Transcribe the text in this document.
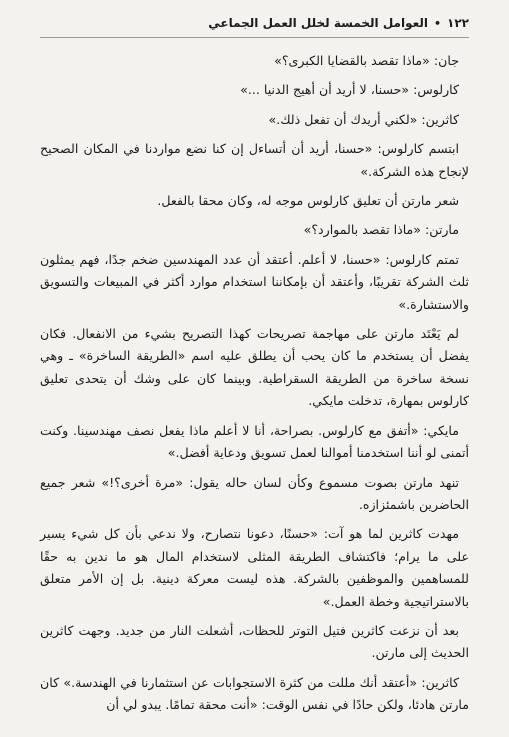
١٢٢
•
العوامل الخمسة لخلل العمل الجماعي

جان: «ماذا تقصد بالقضايا الكبرى؟»

كارلوس: «حسنا، لا أريد أن أهيج الدنيا ...»

كاثرين: «لكني أريدك أن تفعل ذلك.»

ابتسم كارلوس: «حسنا، أريد أن أتساءل إن كنا نضع مواردنا في المكان الصحيح لإنجاح هذه الشركة.»

شعر مارتن أن تعليق كارلوس موجه له، وكان محقا بالفعل.

مارتن: «ماذا تقصد بالموارد؟»

تمتم كارلوس: «حسنا، لا أعلم. أعتقد أن عدد المهندسين ضخم جدًا، فهم يمثلون ثلث الشركة تقريبًا، وأعتقد أن بإمكاننا استخدام موارد أكثر في المبيعات والتسويق والاستشارة.»

لم يَعْتَد مارتن على مهاجمة تصريحات كهذا التصريح بشيء من الانفعال. فكان يفضل أن يستخدم ما كان يحب أن يطلق عليه اسم «الطريقة الساخرة» ـ وهي نسخة ساخرة من الطريقة السقراطية. وبينما كان على وشك أن يتحدى تعليق كارلوس بمهارة، تدخلت مايكي.

مايكي: «أتفق مع كارلوس. بصراحة، أنا لا أعلم ماذا يفعل نصف مهندسينا. وكنت أتمنى لو أننا استخدمنا أموالنا لعمل تسويق ودعاية أفضل.»

تنهد مارتن بصوت مسموع وكأن لسان حاله يقول: «مرة أخرى؟!» شعر جميع الحاضرين باشمئزازه.

مهدت كاثرين لما هو آت: «حسنًا، دعونا نتصارح، ولا ندعي بأن كل شيء يسير على ما يرام؛ فاكتشاف الطريقة المثلى لاستخدام المال هو ما ندين به حقًا للمساهمين والموظفين بالشركة. هذه ليست معركة دينية. بل إن الأمر متعلق بالاستراتيجية وخطة العمل.»

بعد أن نزعت كاثرين فتيل التوتر للحظات، أشعلت النار من جديد. وجهت كاثرين الحديث إلى مارتن.

كاثرين: «أعتقد أنك مللت من كثرة الاستجوابات عن استثمارنا في الهندسة.» كان مارتن هادئا، ولكن حادًا في نفس الوقت: «أنت محقة تمامًا. يبدو لي أن
